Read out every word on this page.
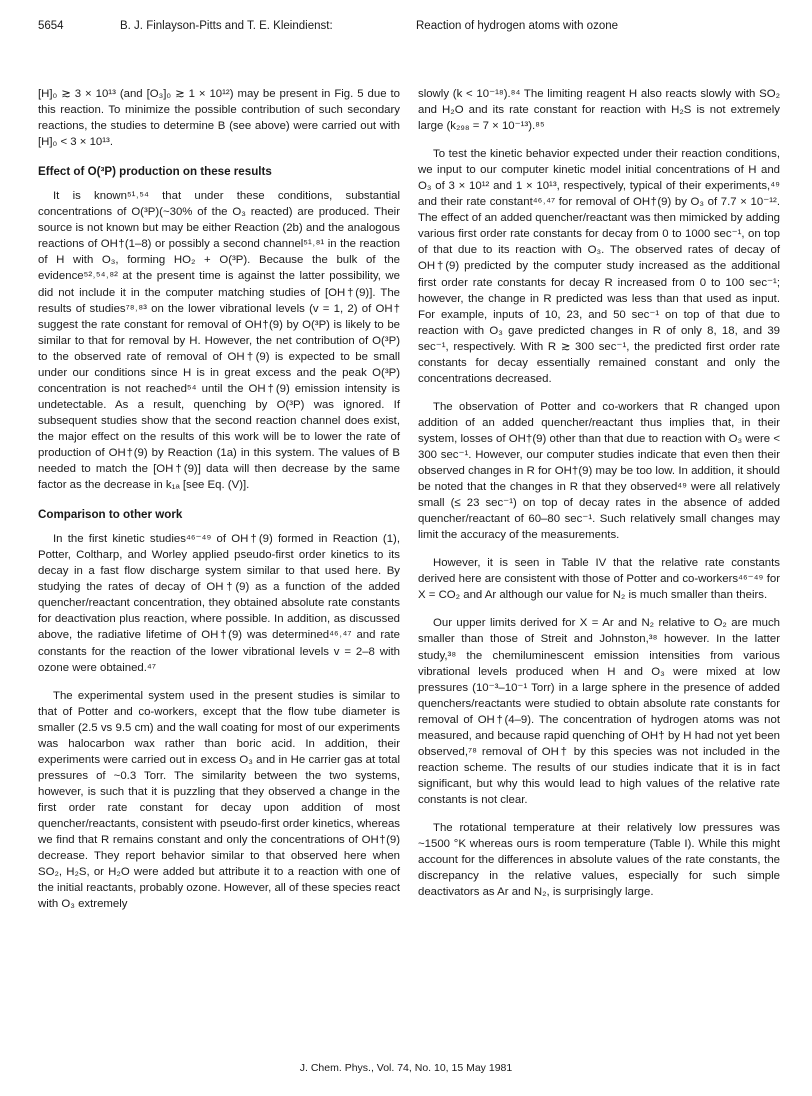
5654	B. J. Finlayson-Pitts and T. E. Kleindienst:	Reaction of hydrogen atoms with ozone

[H]₀ ≳ 3 × 10¹³ (and [O₃]₀ ≳ 1 × 10¹²) may be present in Fig. 5 due to this reaction. To minimize the possible contribution of such secondary reactions, the studies to determine B (see above) were carried out with [H]₀ < 3 × 10¹³.

Effect of O(³P) production on these results

It is known⁵¹˒⁵⁴ that under these conditions, substantial concentrations of O(³P)(~30% of the O₃ reacted) are produced. Their source is not known but may be either Reaction (2b) and the analogous reactions of OH†(1–8) or possibly a second channel⁵¹˒⁸¹ in the reaction of H with O₃, forming HO₂ + O(³P). Because the bulk of the evidence⁵²˒⁵⁴˒⁸² at the present time is against the latter possibility, we did not include it in the computer matching studies of [OH†(9)]. The results of studies⁷⁸˒⁸³ on the lower vibrational levels (v = 1, 2) of OH† suggest the rate constant for removal of OH†(9) by O(³P) is likely to be similar to that for removal by H. However, the net contribution of O(³P) to the observed rate of removal of OH†(9) is expected to be small under our conditions since H is in great excess and the peak O(³P) concentration is not reached⁵⁴ until the OH†(9) emission intensity is undetectable. As a result, quenching by O(³P) was ignored. If subsequent studies show that the second reaction channel does exist, the major effect on the results of this work will be to lower the rate of production of OH†(9) by Reaction (1a) in this system. The values of B needed to match the [OH†(9)] data will then decrease by the same factor as the decrease in k₁ₐ [see Eq. (V)].

Comparison to other work

In the first kinetic studies⁴⁶⁻⁴⁹ of OH†(9) formed in Reaction (1), Potter, Coltharp, and Worley applied pseudo-first order kinetics to its decay in a fast flow discharge system similar to that used here. By studying the rates of decay of OH†(9) as a function of the added quencher/reactant concentration, they obtained absolute rate constants for deactivation plus reaction, where possible. In addition, as discussed above, the radiative lifetime of OH†(9) was determined⁴⁶˒⁴⁷ and rate constants for the reaction of the lower vibrational levels v = 2–8 with ozone were obtained.⁴⁷

The experimental system used in the present studies is similar to that of Potter and co-workers, except that the flow tube diameter is smaller (2.5 vs 9.5 cm) and the wall coating for most of our experiments was halocarbon wax rather than boric acid. In addition, their experiments were carried out in excess O₃ and in He carrier gas at total pressures of ~0.3 Torr. The similarity between the two systems, however, is such that it is puzzling that they observed a change in the first order rate constant for decay upon addition of most quencher/reactants, consistent with pseudo-first order kinetics, whereas we find that R remains constant and only the concentrations of OH†(9) decrease. They report behavior similar to that observed here when SO₂, H₂S, or H₂O were added but attribute it to a reaction with one of the initial reactants, probably ozone. However, all of these species react with O₃ extremely

slowly (k < 10⁻¹⁸).⁸⁴ The limiting reagent H also reacts slowly with SO₂ and H₂O and its rate constant for reaction with H₂S is not extremely large (k₂₉₈ = 7 × 10⁻¹³).⁸⁵

To test the kinetic behavior expected under their reaction conditions, we input to our computer kinetic model initial concentrations of H and O₃ of 3 × 10¹² and 1 × 10¹³, respectively, typical of their experiments,⁴⁹ and their rate constant⁴⁶˒⁴⁷ for removal of OH†(9) by O₃ of 7.7 × 10⁻¹². The effect of an added quencher/reactant was then mimicked by adding various first order rate constants for decay from 0 to 1000 sec⁻¹, on top of that due to its reaction with O₃. The observed rates of decay of OH†(9) predicted by the computer study increased as the additional first order rate constants for decay R increased from 0 to 100 sec⁻¹; however, the change in R predicted was less than that used as input. For example, inputs of 10, 23, and 50 sec⁻¹ on top of that due to reaction with O₃ gave predicted changes in R of only 8, 18, and 39 sec⁻¹, respectively. With R ≳ 300 sec⁻¹, the predicted first order rate constants for decay essentially remained constant and only the concentrations decreased.

The observation of Potter and co-workers that R changed upon addition of an added quencher/reactant thus implies that, in their system, losses of OH†(9) other than that due to reaction with O₃ were < 300 sec⁻¹. However, our computer studies indicate that even then their observed changes in R for OH†(9) may be too low. In addition, it should be noted that the changes in R that they observed⁴⁹ were all relatively small (≤ 23 sec⁻¹) on top of decay rates in the absence of added quencher/reactant of 60–80 sec⁻¹. Such relatively small changes may limit the accuracy of the measurements.

However, it is seen in Table IV that the relative rate constants derived here are consistent with those of Potter and co-workers⁴⁶⁻⁴⁹ for X = CO₂ and Ar although our value for N₂ is much smaller than theirs.

Our upper limits derived for X = Ar and N₂ relative to O₂ are much smaller than those of Streit and Johnston,³⁸ however. In the latter study,³⁸ the chemiluminescent emission intensities from various vibrational levels produced when H and O₃ were mixed at low pressures (10⁻³–10⁻¹ Torr) in a large sphere in the presence of added quenchers/reactants were studied to obtain absolute rate constants for removal of OH†(4–9). The concentration of hydrogen atoms was not measured, and because rapid quenching of OH† by H had not yet been observed,⁷⁸ removal of OH† by this species was not included in the reaction scheme. The results of our studies indicate that it is in fact significant, but why this would lead to high values of the relative rate constants is not clear.

The rotational temperature at their relatively low pressures was ~1500 °K whereas ours is room temperature (Table I). While this might account for the differences in absolute values of the rate constants, the discrepancy in the relative values, especially for such simple deactivators as Ar and N₂, is surprisingly large.

J. Chem. Phys., Vol. 74, No. 10, 15 May 1981
